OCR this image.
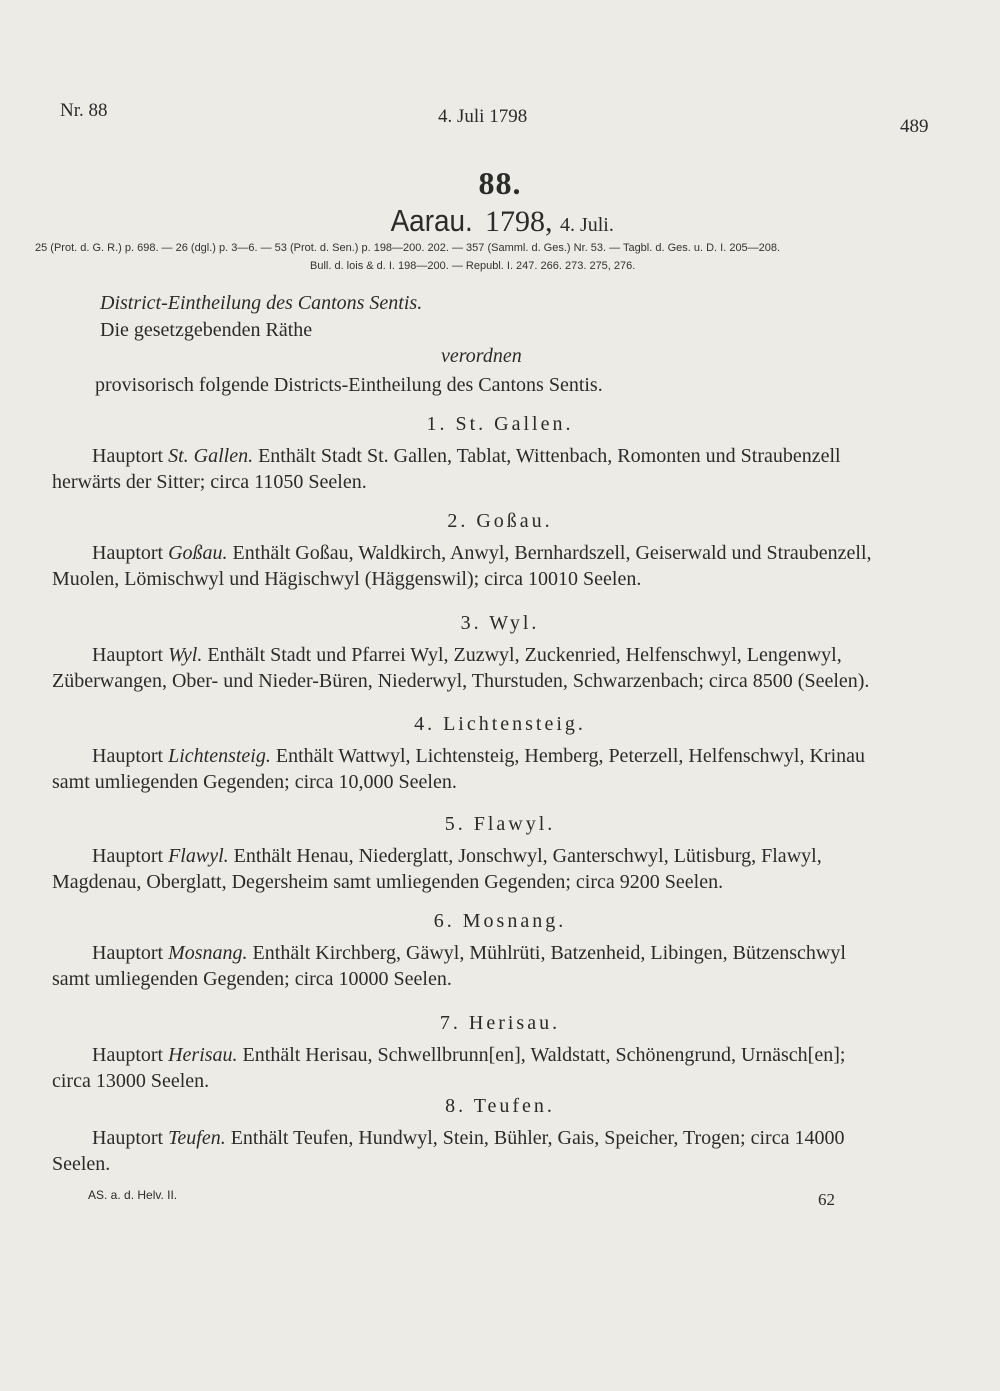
Nr. 88	4. Juli 1798	489
88.
Aarau. 1798, 4. Juli.
25 (Prot. d. G. R.) p. 698. — 26 (dgl.) p. 3—6. — 53 (Prot. d. Sen.) p. 198—200. 202. — 357 (Samml. d. Ges.) Nr. 53. — Tagbl. d. Ges. u. D. I. 205—208.
Bull. d. lois & d. I. 198—200. — Republ. I. 247. 266. 273. 275, 276.
District-Eintheilung des Cantons Sentis.
Die gesetzgebenden Räthe
verordnen
provisorisch folgende Districts-Eintheilung des Cantons Sentis.
1. St. Gallen.
Hauptort St. Gallen. Enthält Stadt St. Gallen, Tablat, Wittenbach, Romonten und Straubenzell
herwärts der Sitter; circa 11050 Seelen.
2. Goßau.
Hauptort Goßau. Enthält Goßau, Waldkirch, Anwyl, Bernhardszell, Geiserwald und Straubenzell,
Muolen, Lömischwyl und Hägischwyl (Häggenswil); circa 10010 Seelen.
3. Wyl.
Hauptort Wyl. Enthält Stadt und Pfarrei Wyl, Zuzwyl, Zuckenried, Helfenschwyl, Lengenwyl,
Züberwangen, Ober- und Nieder-Büren, Niederwyl, Thurstuden, Schwarzenbach; circa 8500 (Seelen).
4. Lichtensteig.
Hauptort Lichtensteig. Enthält Wattwyl, Lichtensteig, Hemberg, Peterzell, Helfenschwyl, Krinau
samt umliegenden Gegenden; circa 10,000 Seelen.
5. Flawyl.
Hauptort Flawyl. Enthält Henau, Niederglatt, Jonschwyl, Ganterschwyl, Lütisburg, Flawyl,
Magdenau, Oberglatt, Degersheim samt umliegenden Gegenden; circa 9200 Seelen.
6. Mosnang.
Hauptort Mosnang. Enthält Kirchberg, Gäwyl, Mühlrüti, Batzenheid, Libingen, Bützenschwyl
samt umliegenden Gegenden; circa 10000 Seelen.
7. Herisau.
Hauptort Herisau. Enthält Herisau, Schwellbrunn[en], Waldstatt, Schönengrund, Urnäsch[en];
circa 13000 Seelen.
8. Teufen.
Hauptort Teufen. Enthält Teufen, Hundwyl, Stein, Bühler, Gais, Speicher, Trogen; circa 14000
Seelen.
AS. a. d. Helv. II.	62
